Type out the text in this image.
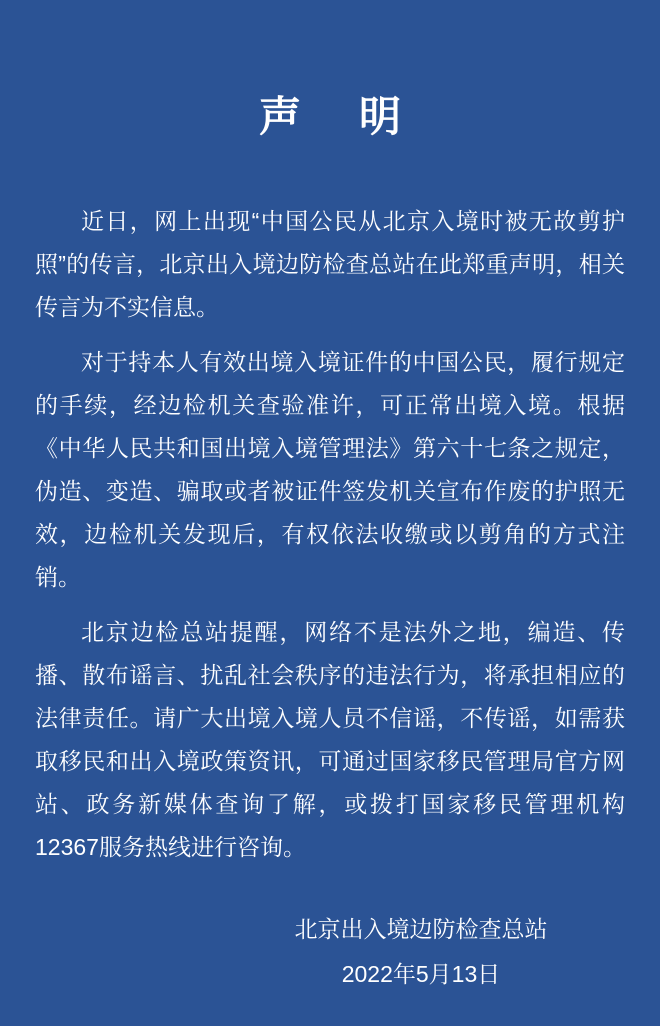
声　明

近日，网上出现“中国公民从北京入境时被无故剪护照”的传言，北京出入境边防检查总站在此郑重声明，相关传言为不实信息。

对于持本人有效出境入境证件的中国公民，履行规定的手续，经边检机关查验准许，可正常出境入境。根据《中华人民共和国出境入境管理法》第六十七条之规定，伪造、变造、骗取或者被证件签发机关宣布作废的护照无效，边检机关发现后，有权依法收缴或以剪角的方式注销。

北京边检总站提醒，网络不是法外之地，编造、传播、散布谣言、扰乱社会秩序的违法行为，将承担相应的法律责任。请广大出境入境人员不信谣，不传谣，如需获取移民和出入境政策资讯，可通过国家移民管理局官方网站、政务新媒体查询了解，或拨打国家移民管理机构12367服务热线进行咨询。

北京出入境边防检查总站
2022年5月13日
